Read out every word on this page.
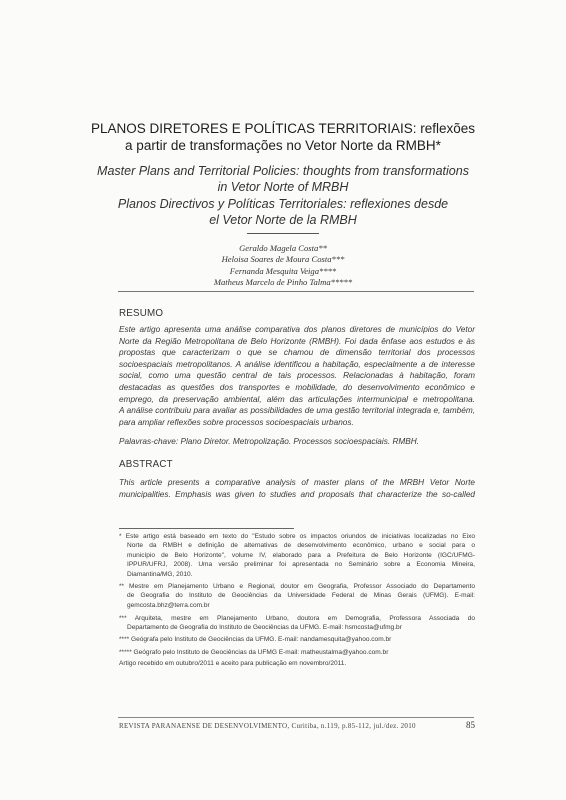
PLANOS DIRETORES E POLÍTICAS TERRITORIAIS: reflexões
a partir de transformações no Vetor Norte da RMBH*
Master Plans and Territorial Policies: thoughts from transformations
in Vetor Norte of MRBH
Planos Directivos y Políticas Territoriales: reflexiones desde
el Vetor Norte de la RMBH
Geraldo Magela Costa**
Heloisa Soares de Moura Costa***
Fernanda Mesquita Veiga****
Matheus Marcelo de Pinho Talma*****
RESUMO
Este artigo apresenta uma análise comparativa dos planos diretores de municípios do Vetor
Norte da Região Metropolitana de Belo Horizonte (RMBH). Foi dada ênfase aos estudos e às
propostas que caracterizam o que se chamou de dimensão territorial dos processos
socioespaciais metropolitanos. A análise identificou a habitação, especialmente a de interesse
social, como uma questão central de tais processos. Relacionadas à habitação, foram
destacadas as questões dos transportes e mobilidade, do desenvolvimento econômico e
emprego, da preservação ambiental, além das articulações intermunicipal e metropolitana.
A análise contribuiu para avaliar as possibilidades de uma gestão territorial integrada e, também,
para ampliar reflexões sobre processos socioespaciais urbanos.
Palavras-chave: Plano Diretor. Metropolização. Processos socioespaciais. RMBH.
ABSTRACT
This article presents a comparative analysis of master plans of the MRBH Vetor Norte
municipalities. Emphasis was given to studies and proposals that characterize the so-called
* Este artigo está baseado em texto do "Estudo sobre os impactos oriundos de iniciativas localizadas no Eixo
Norte da RMBH e definição de alternativas de desenvolvimento econômico, urbano e social para o
município de Belo Horizonte", volume IV, elaborado para a Prefeitura de Belo Horizonte (IGC/UFMG-
IPPUR/UFRJ, 2008). Uma versão preliminar foi apresentada no Seminário sobre a Economia Mineira,
Diamantina/MG, 2010.
** Mestre em Planejamento Urbano e Regional, doutor em Geografia, Professor Associado do Departamento
de Geografia do Instituto de Geociências da Universidade Federal de Minas Gerais (UFMG). E-mail:
gemcosta.bhz@terra.com.br
*** Arquiteta, mestre em Planejamento Urbano, doutora em Demografia, Professora Associada do
Departamento de Geografia do Instituto de Geociências da UFMG. E-mail: hsmcosta@ufmg.br
**** Geógrafa pelo Instituto de Geociências da UFMG. E-mail: nandamesquita@yahoo.com.br
***** Geógrafo pelo Instituto de Geociências da UFMG E-mail: matheustalma@yahoo.com.br
Artigo recebido em outubro/2011 e aceito para publicação em novembro/2011.
REVISTA PARANAENSE DE DESENVOLVIMENTO, Curitiba, n.119, p.85-112, jul./dez. 2010	85
